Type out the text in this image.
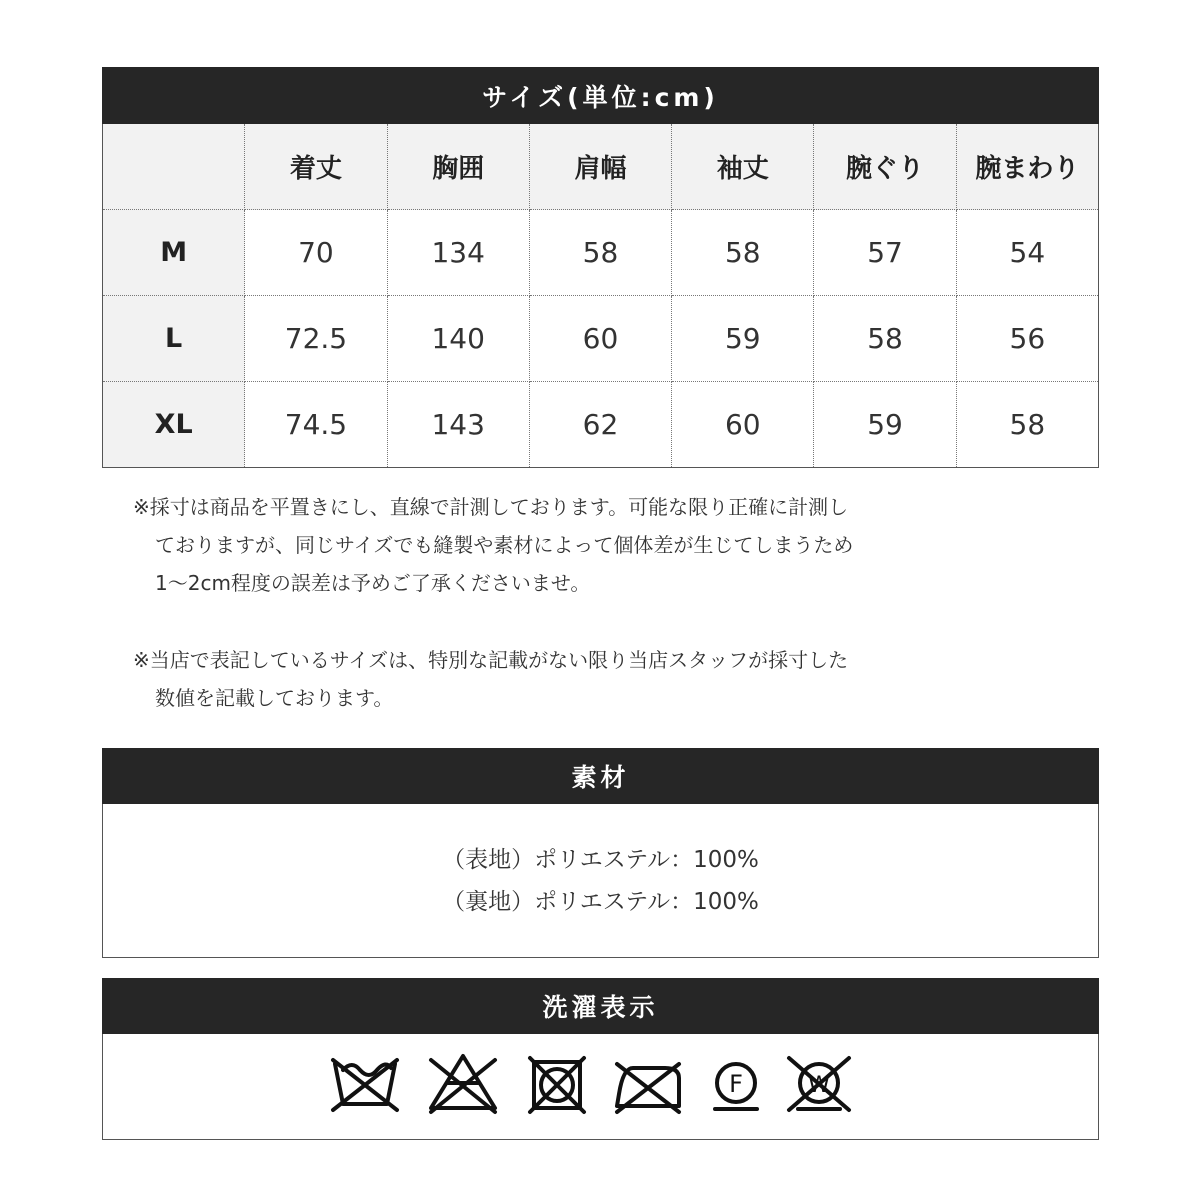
サイズ(単位:cm)
	着丈	胸囲	肩幅	袖丈	腕ぐり	腕まわり
M	70	134	58	58	57	54
L	72.5	140	60	59	58	56
XL	74.5	143	62	60	59	58
※採寸は商品を平置きにし、直線で計測しております。可能な限り正確に計測し
ておりますが、同じサイズでも縫製や素材によって個体差が生じてしまうため
1～2cm程度の誤差は予めご了承くださいませ。
※当店で表記しているサイズは、特別な記載がない限り当店スタッフが採寸した
数値を記載しております。
素材
（表地）ポリエステル：100%
（裏地）ポリエステル：100%
洗濯表示
F	W
